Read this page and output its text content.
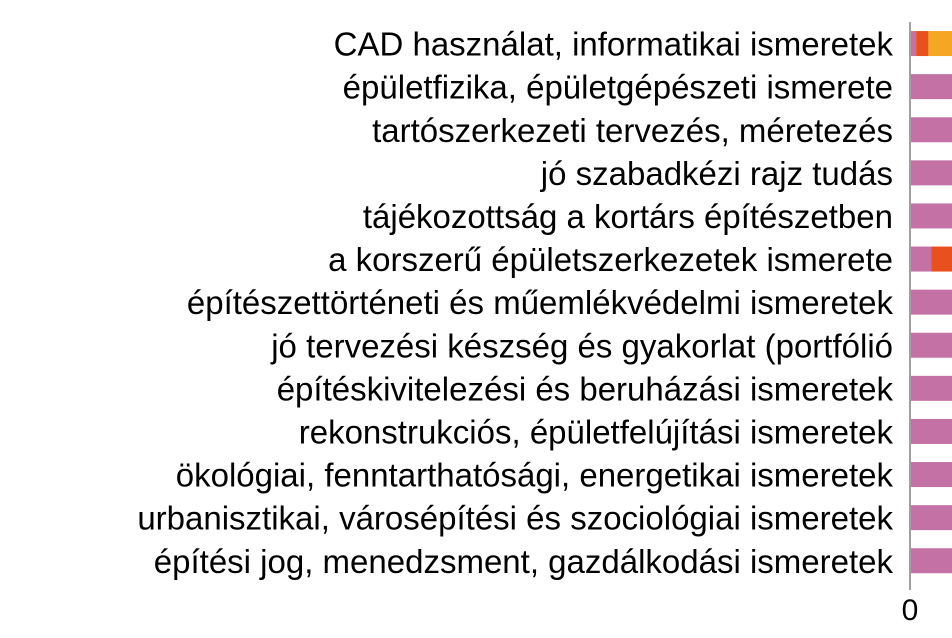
CAD használat, informatikai ismeretek
épületfizika, épületgépészeti ismerete
tartószerkezeti tervezés, méretezés
jó szabadkézi rajz tudás
tájékozottság a kortárs építészetben
a korszerű épületszerkezetek ismerete
építészettörténeti és műemlékvédelmi ismeretek
jó tervezési készség és gyakorlat (portfólió
építéskivitelezési és beruházási ismeretek
rekonstrukciós, épületfelújítási ismeretek
ökológiai, fenntarthatósági, energetikai ismeretek
urbanisztikai, városépítési és szociológiai ismeretek
építési jog, menedzsment, gazdálkodási ismeretek
0
